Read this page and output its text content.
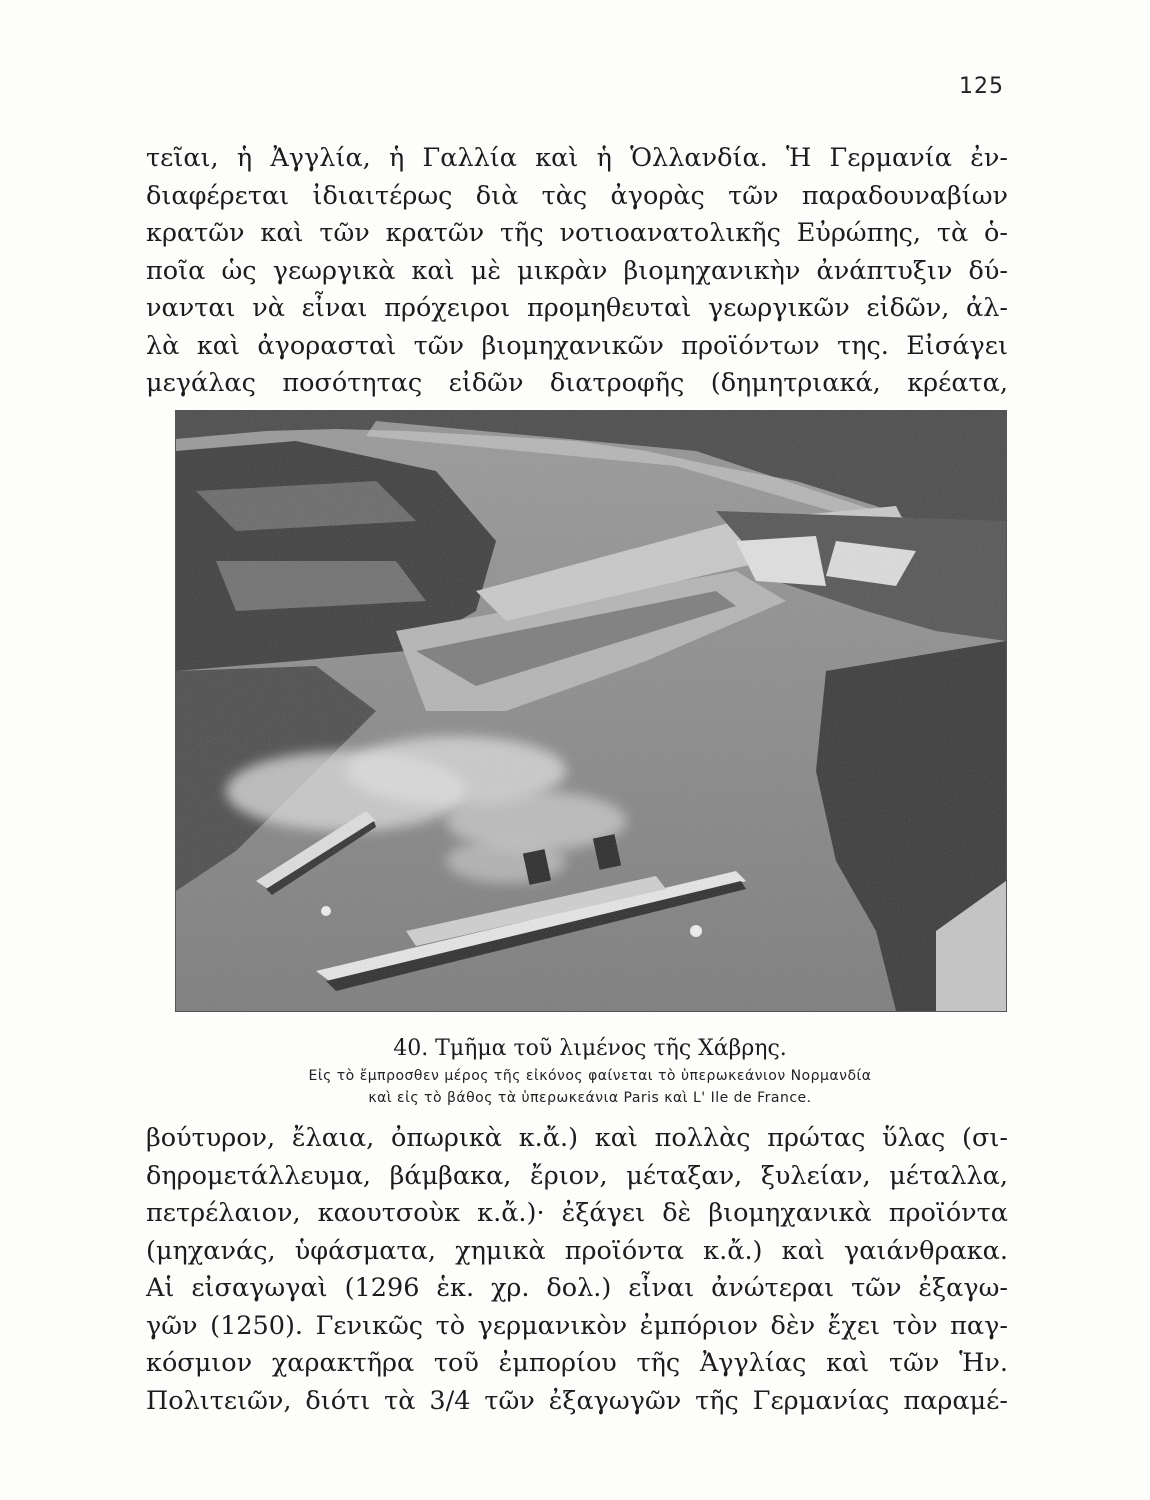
125
τεῖαι, ἡ Ἀγγλία, ἡ Γαλλία καὶ ἡ Ὁλλανδία. Ἡ Γερμανία ἐν-
διαφέρεται ἰδιαιτέρως διὰ τὰς ἀγορὰς τῶν παραδουναβίων
κρατῶν καὶ τῶν κρατῶν τῆς νοτιοανατολικῆς Εὐρώπης, τὰ ὁ-
ποῖα ὡς γεωργικὰ καὶ μὲ μικρὰν βιομηχανικὴν ἀνάπτυξιν δύ-
νανται νὰ εἶναι πρόχειροι προμηθευταὶ γεωργικῶν εἰδῶν, ἀλ-
λὰ καὶ ἀγορασταὶ τῶν βιομηχανικῶν προϊόντων της. Εἰσάγει
μεγάλας ποσότητας εἰδῶν διατροφῆς (δημητριακά, κρέατα,
40. Τμῆμα τοῦ λιμένος τῆς Χάβρης.
Εἰς τὸ ἔμπροσθεν μέρος τῆς εἰκόνος φαίνεται τὸ ὑπερωκεάνιον Νορμανδία
καὶ εἰς τὸ βάθος τὰ ὑπερωκεάνια Paris καὶ L' Ile de France.
βούτυρον, ἔλαια, ὀπωρικὰ κ.ἄ.) καὶ πολλὰς πρώτας ὕλας (σι-
δηρομετάλλευμα, βάμβακα, ἔριον, μέταξαν, ξυλείαν, μέταλλα,
πετρέλαιον, καουτσοὺκ κ.ἄ.)· ἐξάγει δὲ βιομηχανικὰ προϊόντα
(μηχανάς, ὑφάσματα, χημικὰ προϊόντα κ.ἄ.) καὶ γαιάνθρακα.
Αἱ εἰσαγωγαὶ (1296 ἑκ. χρ. δολ.) εἶναι ἀνώτεραι τῶν ἐξαγω-
γῶν (1250). Γενικῶς τὸ γερμανικὸν ἐμπόριον δὲν ἔχει τὸν παγ-
κόσμιον χαρακτῆρα τοῦ ἐμπορίου τῆς Ἀγγλίας καὶ τῶν Ἡν.
Πολιτειῶν, διότι τὰ 3/4 τῶν ἐξαγωγῶν τῆς Γερμανίας παραμέ-
